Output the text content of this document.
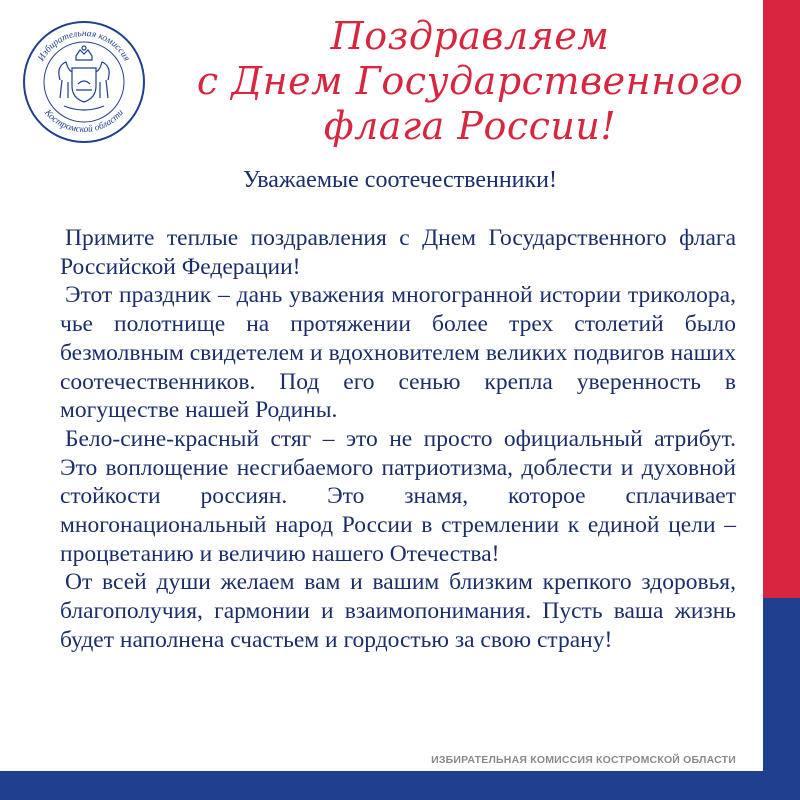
Избирательная комиссия
Костромской области
Поздравляем
с Днем Государственного
флага России!
Уважаемые соотечественники!

Примите теплые поздравления с Днем Государственного флага Российской Федерации!

Этот праздник – дань уважения многогранной истории триколора, чье полотнище на протяжении более трех столетий было безмолвным свидетелем и вдохновителем великих подвигов наших соотечественников. Под его сенью крепла уверенность в могуществе нашей Родины.

Бело-сине-красный стяг – это не просто официальный атрибут. Это воплощение несгибаемого патриотизма, доблести и духовной стойкости россиян. Это знамя, которое сплачивает многонациональный народ России в стремлении к единой цели – процветанию и величию нашего Отечества!

От всей души желаем вам и вашим близким крепкого здоровья, благополучия, гармонии и взаимопонимания. Пусть ваша жизнь будет наполнена счастьем и гордостью за свою страну!

ИЗБИРАТЕЛЬНАЯ КОМИССИЯ КОСТРОМСКОЙ ОБЛАСТИ
